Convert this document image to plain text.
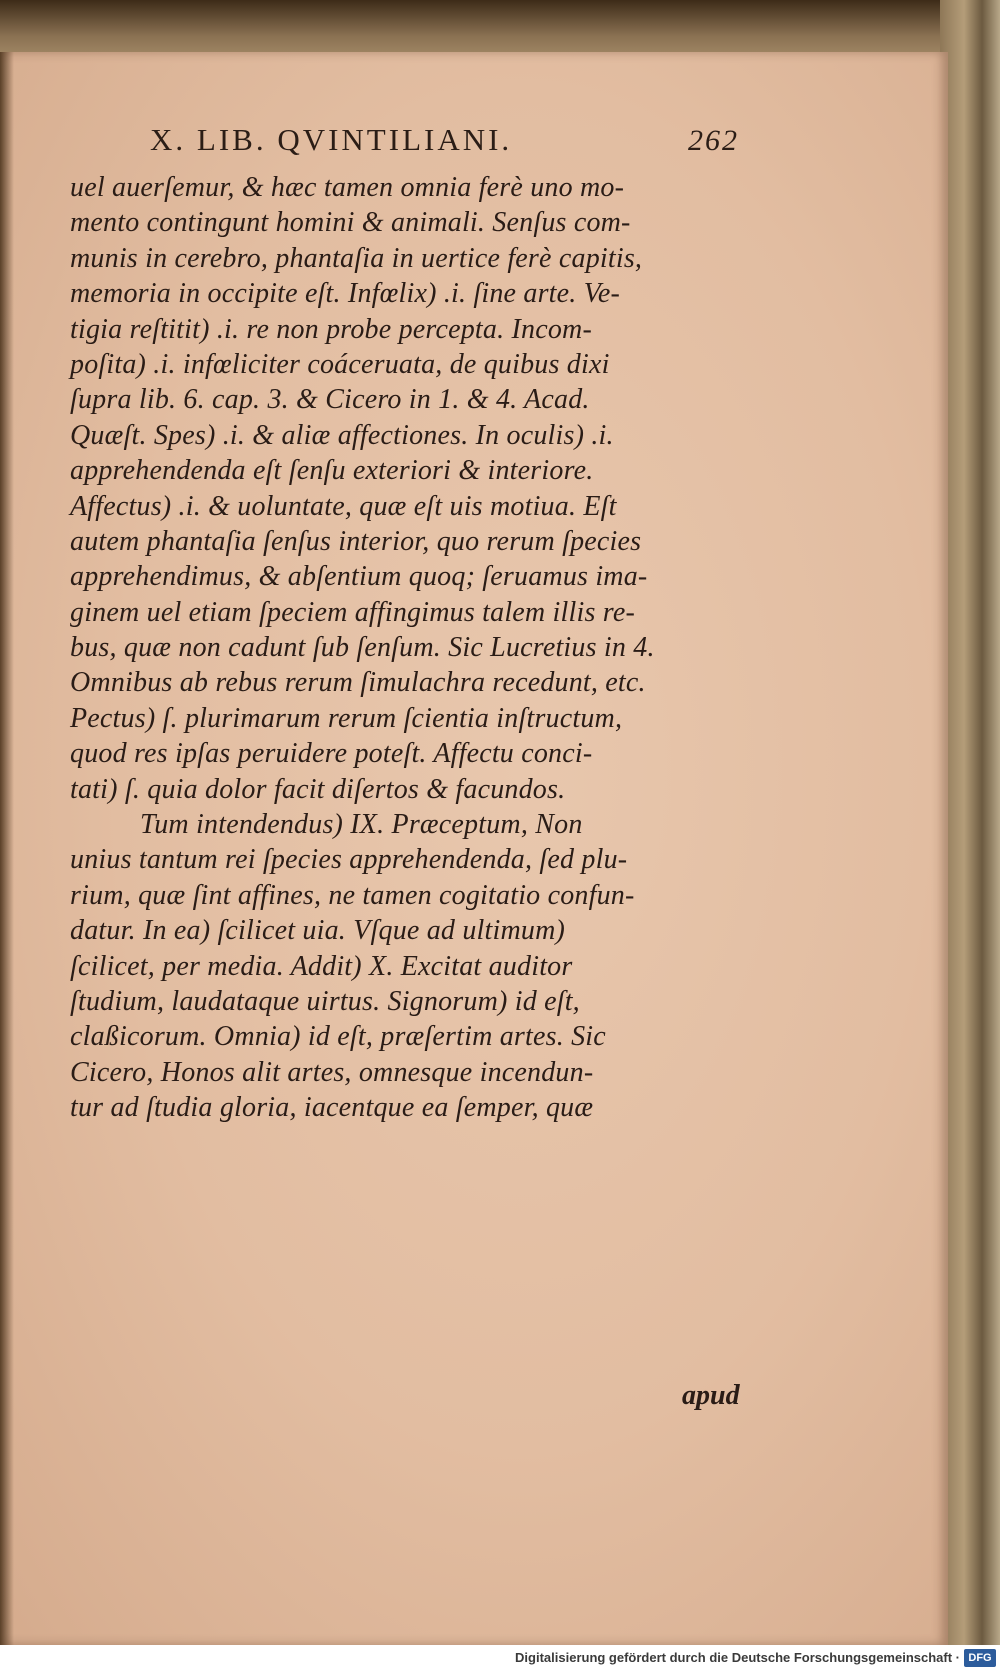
X. LIB. QVINTILIANI.	262
uel auerſemur, & hæc tamen omnia ferè uno mo-
mento contingunt homini & animali. Senſus com-
munis in cerebro, phantaſia in uertice ferè capitis,
memoria in occipite eſt. Infœlix) .i. ſine arte. Ve-
tigia reſtitit) .i. re non probe percepta. Incom-
poſita) .i. infœliciter coáceruata, de quibus dixi
ſupra lib. 6. cap. 3. & Cicero in 1. & 4. Acad.
Quæſt. Spes) .i. & aliæ affectiones. In oculis) .i.
apprehendenda eſt ſenſu exteriori & interiore.
Affectus) .i. & uoluntate, quæ eſt uis motiua. Eſt
autem phantaſia ſenſus interior, quo rerum ſpecies
apprehendimus, & abſentium quoq; ſeruamus ima-
ginem uel etiam ſpeciem affingimus talem illis re-
bus, quæ non cadunt ſub ſenſum. Sic Lucretius in 4.
Omnibus ab rebus rerum ſimulachra recedunt, etc.
Pectus) ſ. plurimarum rerum ſcientia inſtructum,
quod res ipſas peruidere poteſt. Affectu conci-
tati) ſ. quia dolor facit diſertos & facundos.
Tum intendendus) IX. Præceptum, Non
unius tantum rei ſpecies apprehendenda, ſed plu-
rium, quæ ſint affines, ne tamen cogitatio confun-
datur. In ea) ſcilicet uia. Vſque ad ultimum)
ſcilicet, per media. Addit) X. Excitat auditor
ſtudium, laudataque uirtus. Signorum) id eſt,
claßicorum. Omnia) id eſt, præſertim artes. Sic
Cicero, Honos alit artes, omnesque incendun-
tur ad ſtudia gloria, iacentque ea ſemper, quæ
apud
Digitalisierung gefördert durch die Deutsche Forschungsgemeinschaft · DFG
